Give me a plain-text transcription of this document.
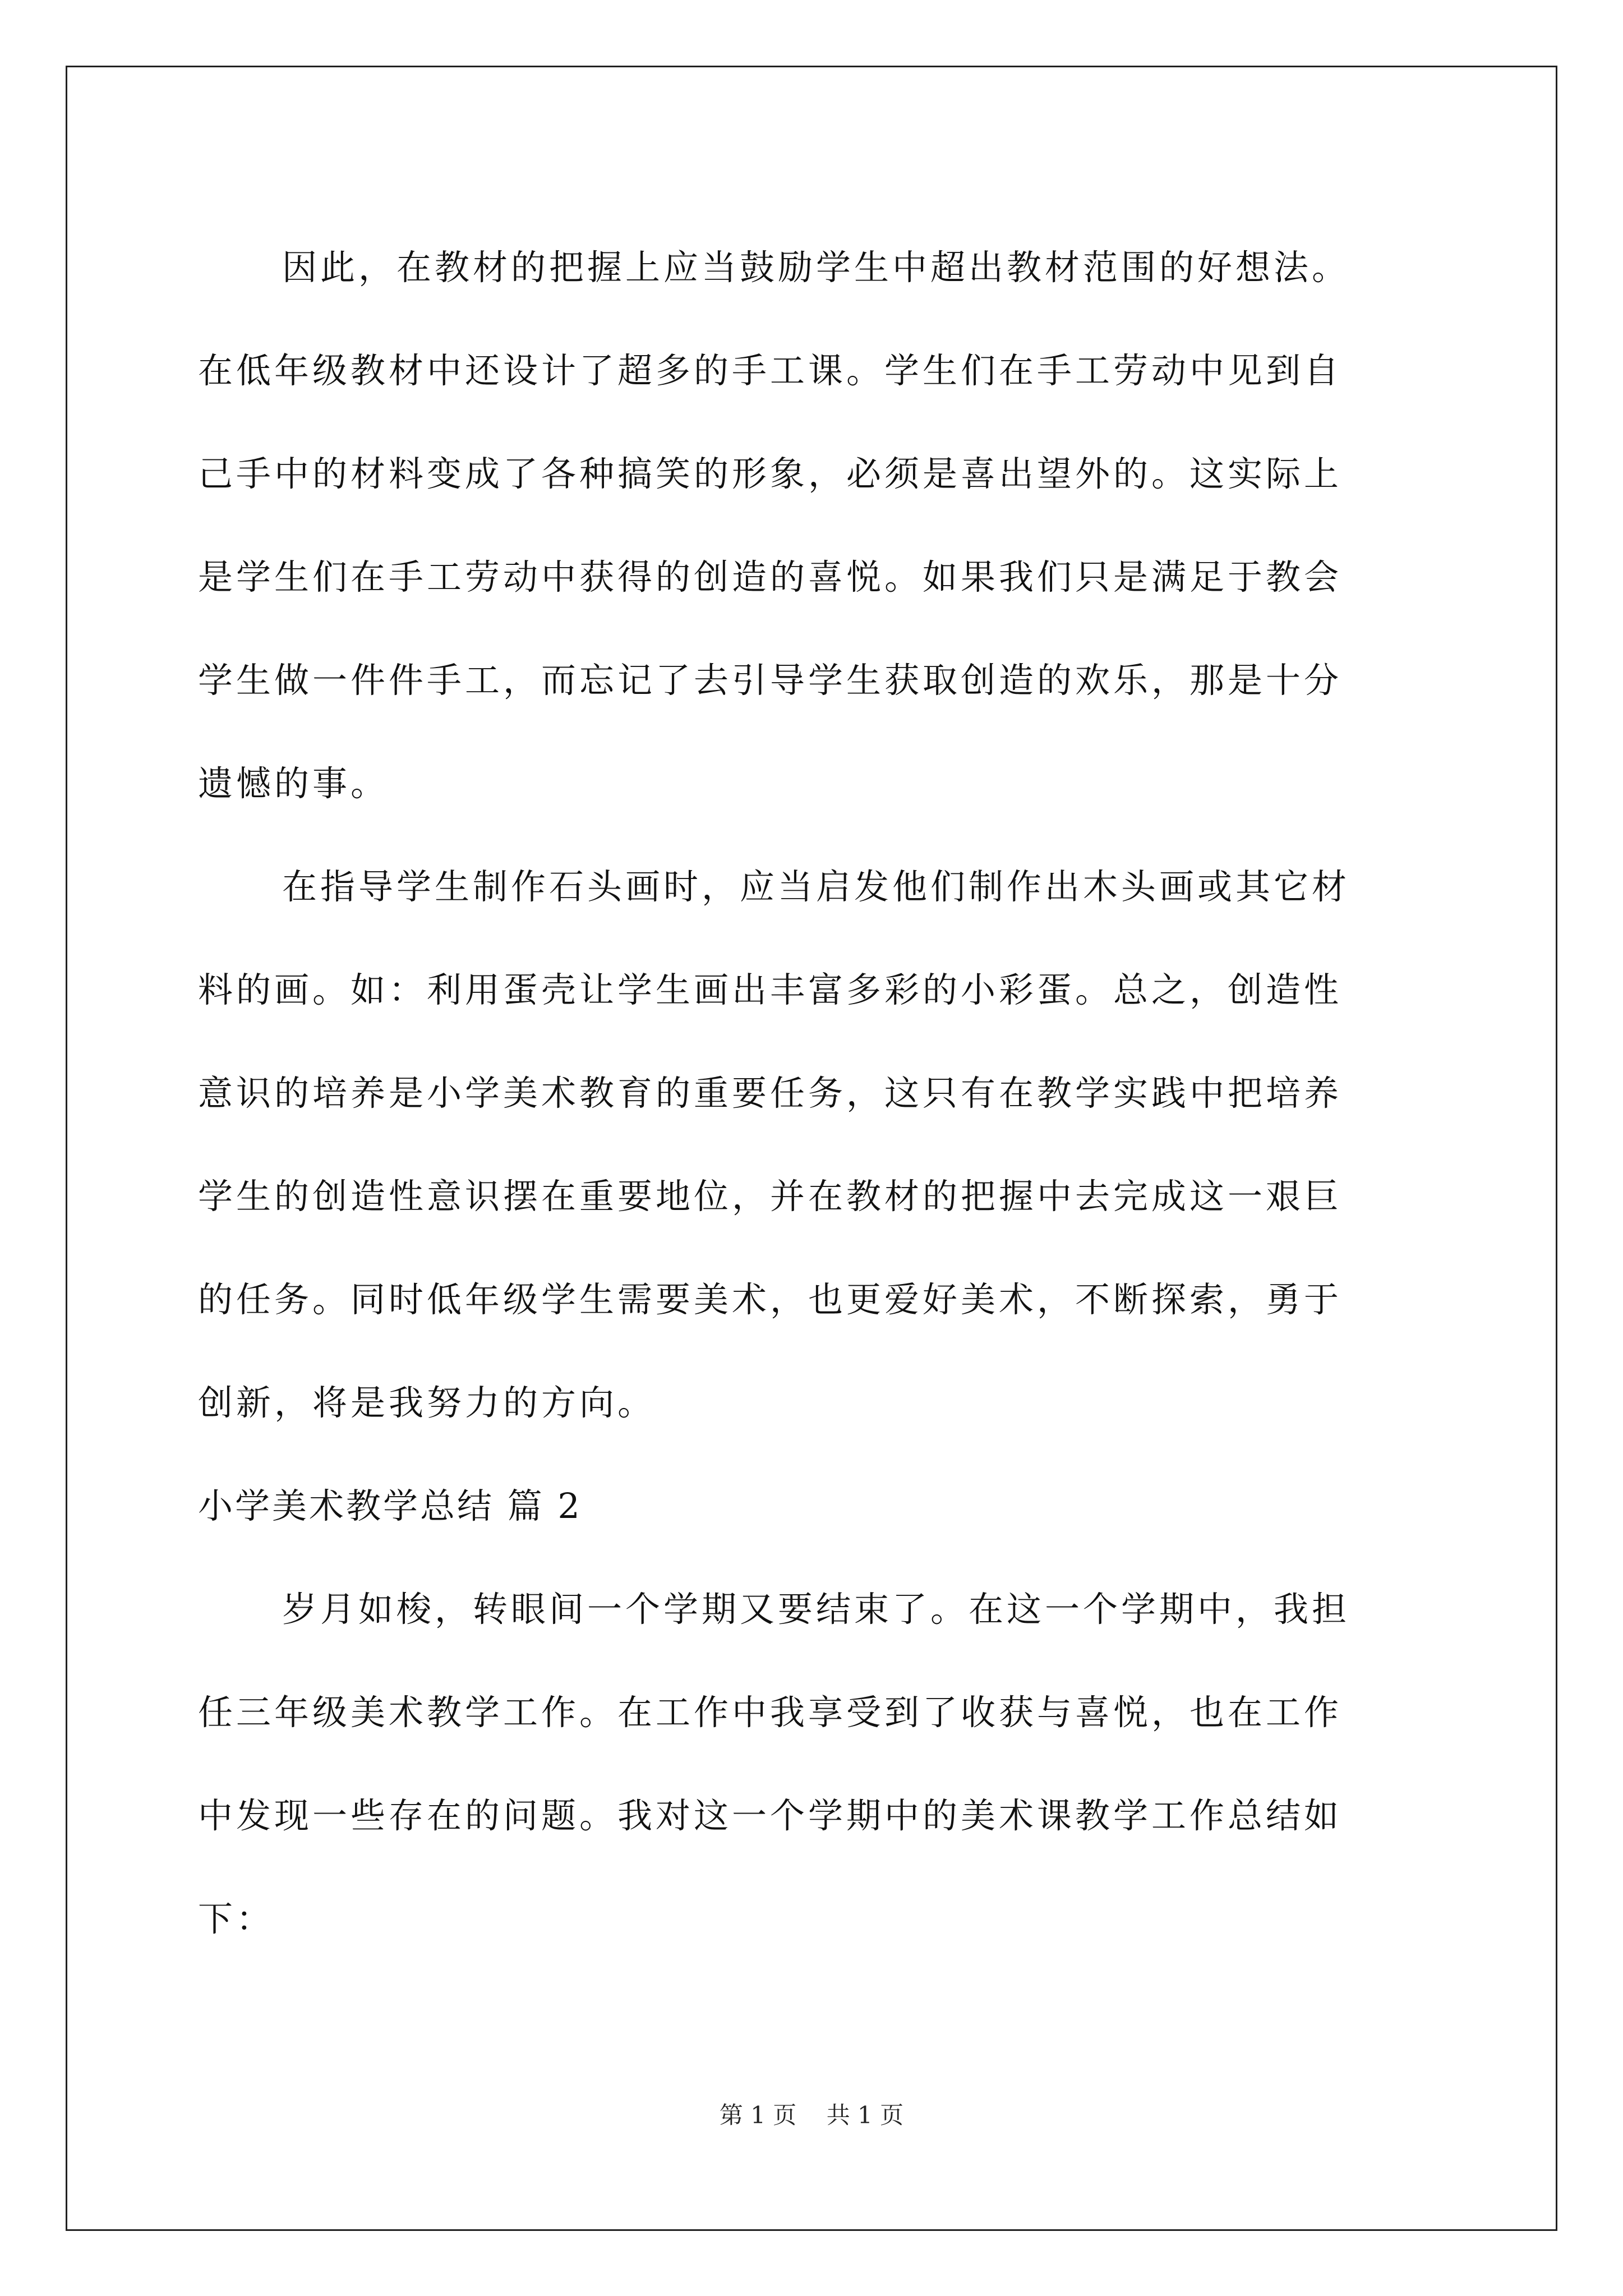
因此，在教材的把握上应当鼓励学生中超出教材范围的好想法。
在低年级教材中还设计了超多的手工课。学生们在手工劳动中见到自
己手中的材料变成了各种搞笑的形象，必须是喜出望外的。这实际上
是学生们在手工劳动中获得的创造的喜悦。如果我们只是满足于教会
学生做一件件手工，而忘记了去引导学生获取创造的欢乐，那是十分
遗憾的事。
在指导学生制作石头画时，应当启发他们制作出木头画或其它材
料的画。如：利用蛋壳让学生画出丰富多彩的小彩蛋。总之，创造性
意识的培养是小学美术教育的重要任务，这只有在教学实践中把培养
学生的创造性意识摆在重要地位，并在教材的把握中去完成这一艰巨
的任务。同时低年级学生需要美术，也更爱好美术，不断探索，勇于
创新，将是我努力的方向。
小学美术教学总结 篇 2
岁月如梭，转眼间一个学期又要结束了。在这一个学期中，我担
任三年级美术教学工作。在工作中我享受到了收获与喜悦，也在工作
中发现一些存在的问题。我对这一个学期中的美术课教学工作总结如
下：
第 1 页    共 1 页
